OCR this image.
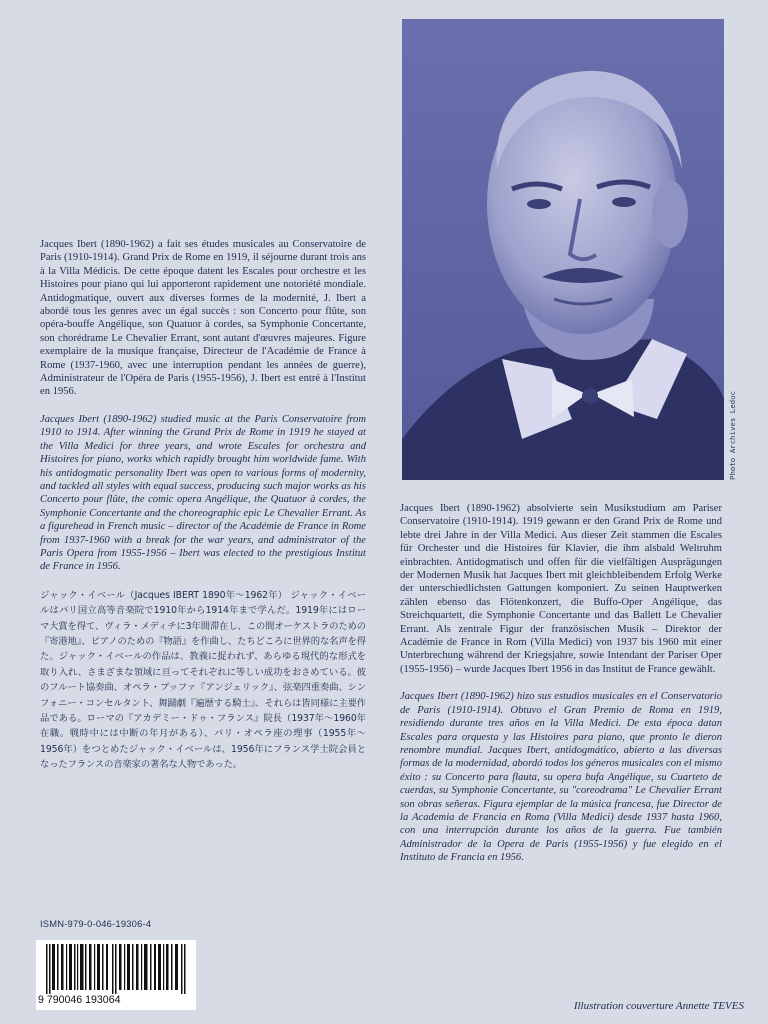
Jacques Ibert (1890-1962) a fait ses études musicales au Conservatoire de Paris (1910-1914). Grand Prix de Rome en 1919, il séjourne durant trois ans à la Villa Médicis. De cette époque datent les Escales pour orchestre et les Histoires pour piano qui lui apporteront rapidement une notoriété mondiale. Antidogmatique, ouvert aux diverses formes de la modernité, J. Ibert a abordé tous les genres avec un égal succès : son Concerto pour flûte, son opéra-bouffe Angélique, son Quatuor à cordes, sa Symphonie Concertante, son chorédrame Le Chevalier Errant, sont autant d'œuvres majeures. Figure exemplaire de la musique française, Directeur de l'Académie de France à Rome (1937-1960, avec une interruption pendant les années de guerre), Administrateur de l'Opéra de Paris (1955-1956), J. Ibert est entré à l'Institut en 1956.

Jacques Ibert (1890-1962) studied music at the Paris Conservatoire from 1910 to 1914. After winning the Grand Prix de Rome in 1919 he stayed at the Villa Medici for three years, and wrote Escales for orchestra and Histoires for piano, works which rapidly brought him worldwide fame. With his antidogmatic personality Ibert was open to various forms of modernity, and tackled all styles with equal success, producing such major works as his Concerto pour flûte, the comic opera Angélique, the Quatuor à cordes, the Symphonie Concertante and the choreographic epic Le Chevalier Errant. As a figurehead in French music – director of the Académie de France in Rome from 1937-1960 with a break for the war years, and administrator of the Paris Opera from 1955-1956 – Ibert was elected to the prestigious Institut de France in 1956.

ジャック・イベール（Jacques IBERT 1890年〜1962年） ジャック・イベールはパリ国立高等音楽院で1910年から1914年まで学んだ。1919年にはローマ大賞を得て、ヴィラ・メディチに3年間滞在し、この間オーケストラのための『寄港地』、ピアノのための『物語』を作曲し、たちどころに世界的な名声を得た。ジャック・イベールの作品は、教義に捉われず、あらゆる現代的な形式を取り入れ、さまざまな領域に亘ってそれぞれに等しい成功をおさめている。彼のフルート協奏曲、オペラ・ブッファ『アンジェリック』、弦楽四重奏曲、シンフォニー・コンセルタント、舞踊劇『遍歴する騎士』、それらは皆同様に主要作品である。ローマの『アカデミー・ドゥ・フランス』院長（1937年〜1960年在職。戦時中には中断の年月がある）、パリ・オペラ座の理事（1955年〜1956年）をつとめたジャック・イベールは、1956年にフランス学士院会員となったフランスの音楽家の著名な人物であった。

Photo Archives Leduc

Jacques Ibert (1890-1962) absolvierte sein Musikstudium am Pariser Conservatoire (1910-1914). 1919 gewann er den Grand Prix de Rome und lebte drei Jahre in der Villa Medici. Aus dieser Zeit stammen die Escales für Orchester und die Histoires für Klavier, die ihm alsbald Weltruhm einbrachten. Antidogmatisch und offen für die vielfältigen Ausprägungen der Modernen Musik hat Jacques Ibert mit gleichbleibendem Erfolg Werke der unterschiedlichsten Gattungen komponiert. Zu seinen Hauptwerken zählen ebenso das Flötenkonzert, die Buffo-Oper Angélique, das Streichquartett, die Symphonie Concertante und das Ballett Le Chevalier Errant. Als zentrale Figur der französischen Musik – Direktor der Académie de France in Rom (Villa Medici) von 1937 bis 1960 mit einer Unterbrechung während der Kriegsjahre, sowie Intendant der Pariser Oper (1955-1956) – wurde Jacques Ibert 1956 in das Institut de France gewählt.

Jacques Ibert (1890-1962) hizo sus estudios musicales en el Conservatorio de Paris (1910-1914). Obtuvo el Gran Premio de Roma en 1919, residiendo durante tres años en la Villa Medici. De esta época datan Escales para orquesta y las Histoires para piano, que pronto le dieron renombre mundial. Jacques Ibert, antidogmático, abierto a las diversas formas de la modernidad, abordó todos los géneros musicales con el mismo éxito : su Concerto para flauta, su opera bufa Angélique, su Cuarteto de cuerdas, su Symphonie Concertante, su "coreodrama" Le Chevalier Errant son obras señeras. Figura ejemplar de la música francesa, fue Director de la Academia de Francia en Roma (Villa Medici) desde 1937 hasta 1960, con una interrupción durante los años de la guerra. Fue también Administrador de la Opera de Paris (1955-1956) y fue elegido en el Instituto de Francia en 1956.

ISMN-979-0-046-19306-4
9 790046 193064	Illustration couverture Annette TEVES
